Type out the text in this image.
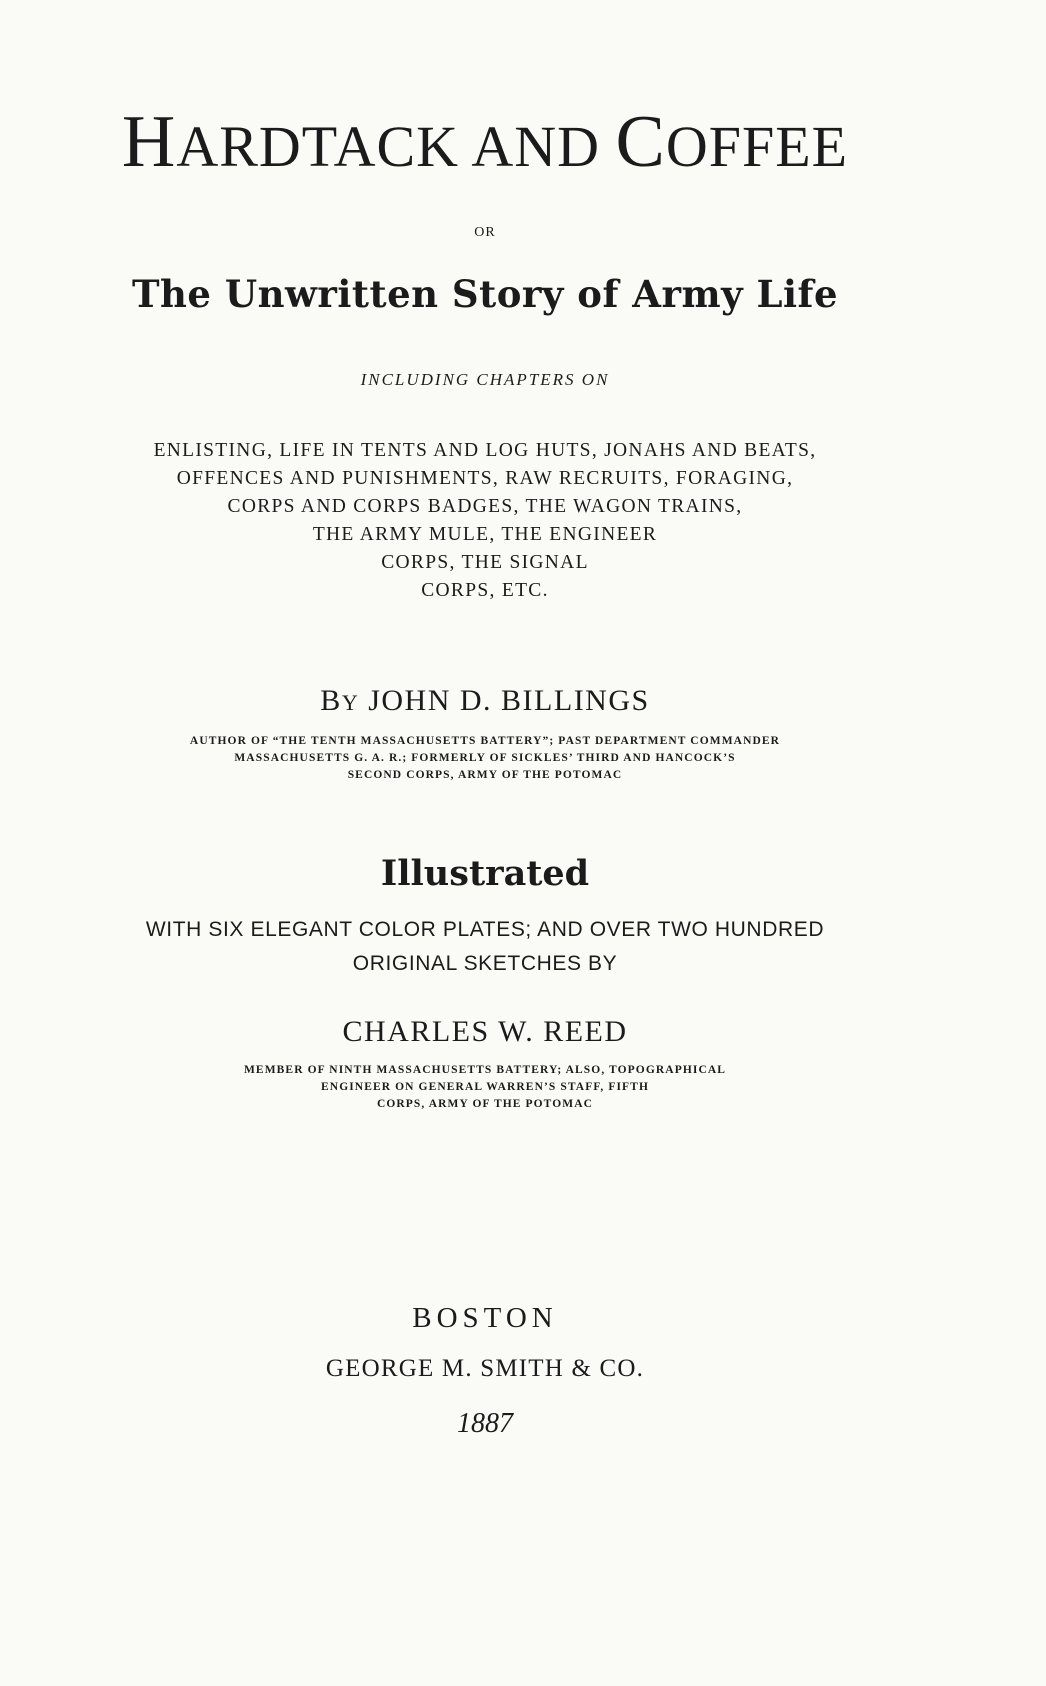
HARDTACK AND COFFEE
OR
The Unwritten Story of Army Life
INCLUDING CHAPTERS ON
ENLISTING, LIFE IN TENTS AND LOG HUTS, JONAHS AND BEATS,
OFFENCES AND PUNISHMENTS, RAW RECRUITS, FORAGING,
CORPS AND CORPS BADGES, THE WAGON TRAINS,
THE ARMY MULE, THE ENGINEER
CORPS, THE SIGNAL
CORPS, ETC.
BY JOHN D. BILLINGS
AUTHOR OF “THE TENTH MASSACHUSETTS BATTERY”; PAST DEPARTMENT COMMANDER
MASSACHUSETTS G. A. R.; FORMERLY OF SICKLES’ THIRD AND HANCOCK’S
SECOND CORPS, ARMY OF THE POTOMAC
Illustrated
WITH SIX ELEGANT COLOR PLATES; AND OVER TWO HUNDRED
ORIGINAL SKETCHES BY
CHARLES W. REED
MEMBER OF NINTH MASSACHUSETTS BATTERY; ALSO, TOPOGRAPHICAL
ENGINEER ON GENERAL WARREN’S STAFF, FIFTH
CORPS, ARMY OF THE POTOMAC
BOSTON
GEORGE M. SMITH & CO.
1887
